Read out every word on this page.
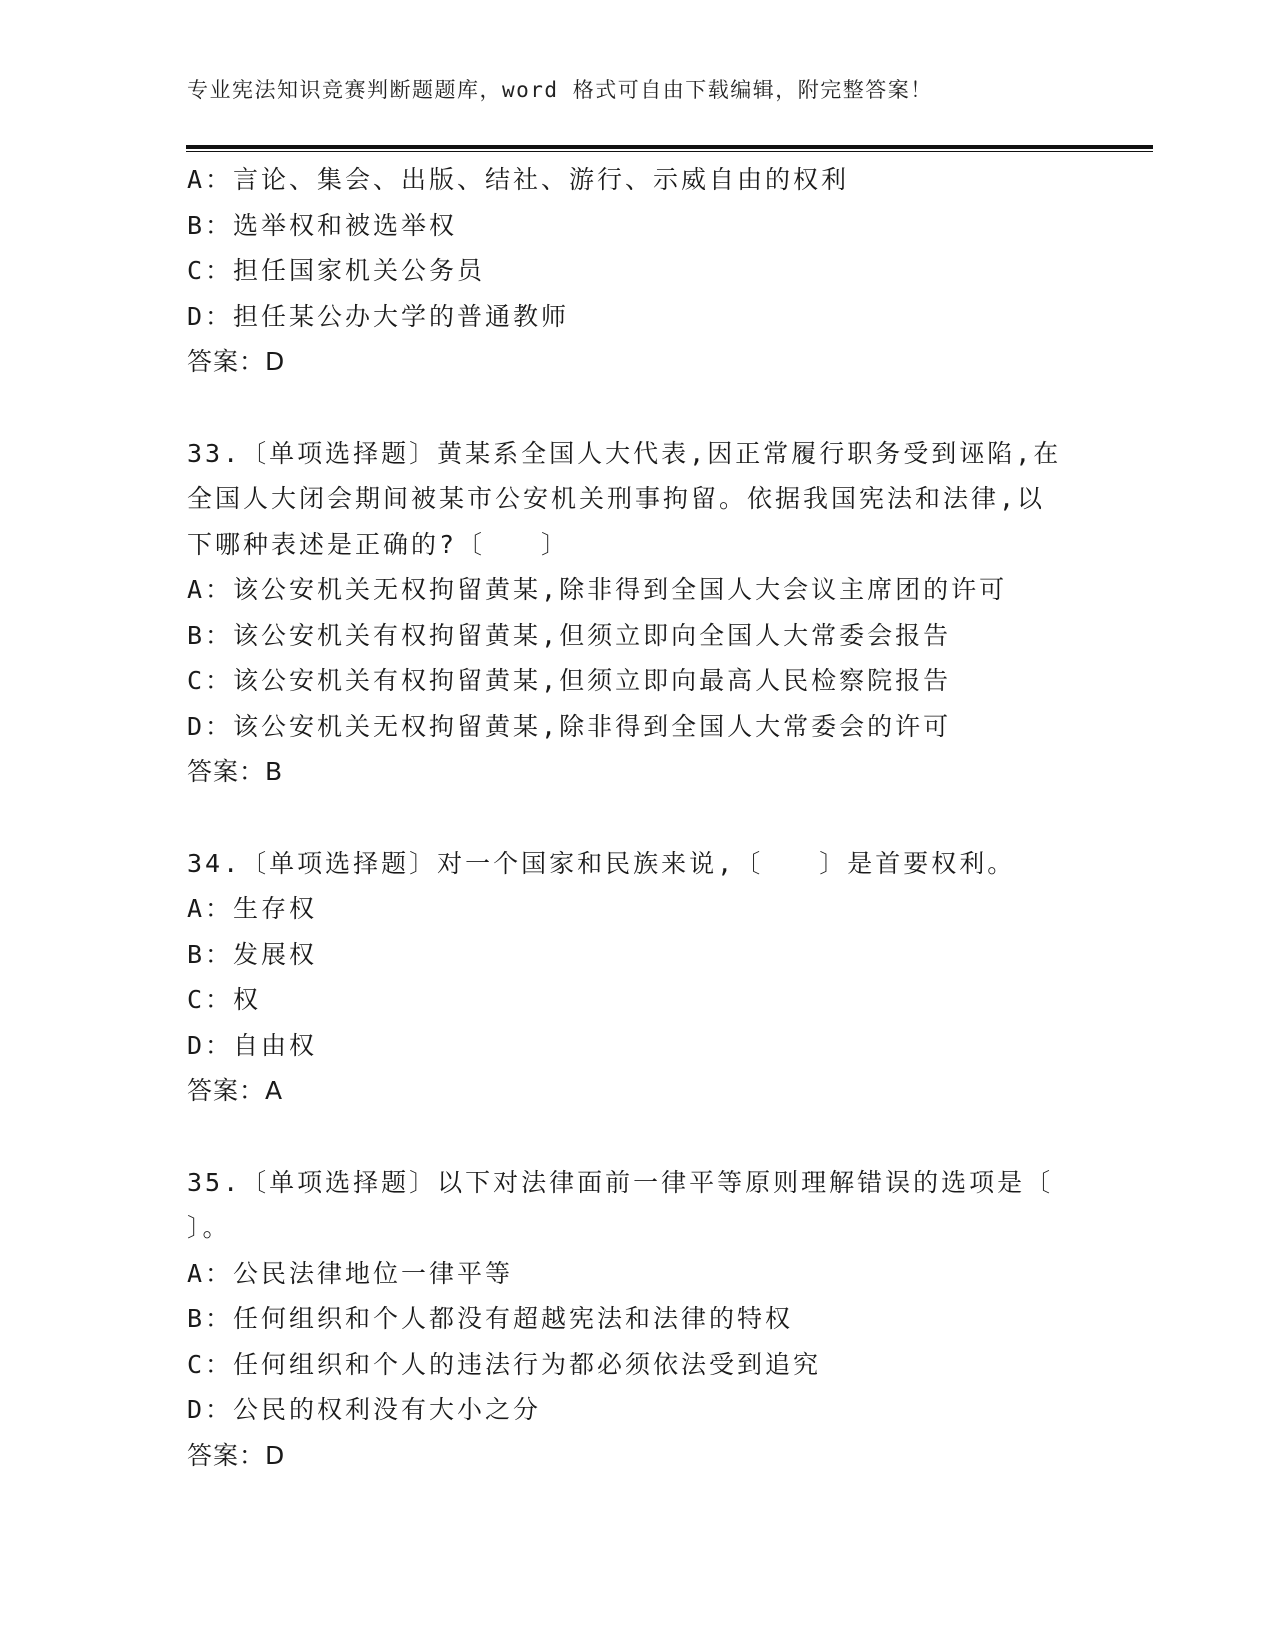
专业宪法知识竞赛判断题题库，word 格式可自由下载编辑，附完整答案！
A：言论、集会、出版、结社、游行、示威自由的权利
B：选举权和被选举权
C：担任国家机关公务员
D：担任某公办大学的普通教师
答案：D
33.〔单项选择题〕黄某系全国人大代表,因正常履行职务受到诬陷,在
全国人大闭会期间被某市公安机关刑事拘留。依据我国宪法和法律,以
下哪种表述是正确的?〔　　〕
A：该公安机关无权拘留黄某,除非得到全国人大会议主席团的许可
B：该公安机关有权拘留黄某,但须立即向全国人大常委会报告
C：该公安机关有权拘留黄某,但须立即向最高人民检察院报告
D：该公安机关无权拘留黄某,除非得到全国人大常委会的许可
答案：B
34.〔单项选择题〕对一个国家和民族来说,〔　　〕是首要权利。
A：生存权
B：发展权
C：权
D：自由权
答案：A
35.〔单项选择题〕以下对法律面前一律平等原则理解错误的选项是〔
〕。
A：公民法律地位一律平等
B：任何组织和个人都没有超越宪法和法律的特权
C：任何组织和个人的违法行为都必须依法受到追究
D：公民的权利没有大小之分
答案：D
